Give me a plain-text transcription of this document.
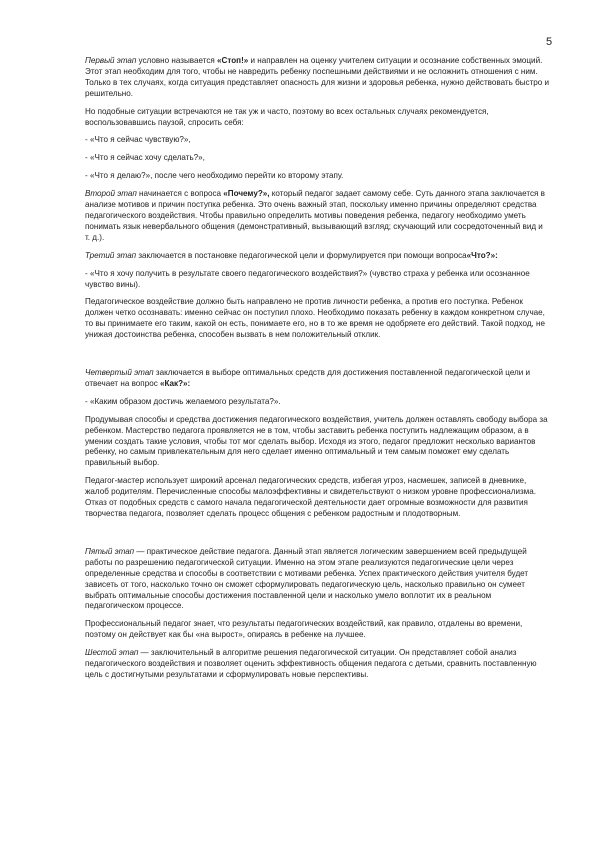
5

Первый этап условно называется «Стоп!» и направлен на оценку учителем ситуации и осознание собственных эмоций. Этот этап необходим для того, чтобы не навредить ребенку поспешными действиями и не осложнить отношения с ним. Только в тех случаях, когда ситуация представляет опасность для жизни и здоровья ребенка, нужно действовать быстро и решительно.

Но подобные ситуации встречаются не так уж и часто, поэтому во всех остальных случаях рекомендуется, воспользовавшись паузой, спросить себя:

- «Что я сейчас чувствую?»,

- «Что я сейчас хочу сделать?»,

- «Что я делаю?», после чего необходимо перейти ко второму этапу.

Второй этап начинается с вопроса «Почему?», который педагог задает самому себе. Суть данного этапа заключается в анализе мотивов и причин поступка ребенка. Это очень важный этап, поскольку именно причины определяют средства педагогического воздействия. Чтобы правильно определить мотивы поведения ребенка, педагогу необходимо уметь понимать язык невербального общения (демонстративный, вызывающий взгляд; скучающий или сосредоточенный вид и т. д.).

Третий этап заключается в постановке педагогической цели и формулируется при помощи вопроса«Что?»:

- «Что я хочу получить в результате своего педагогического воздействия?» (чувство страха у ребенка или осознанное чувство вины).

Педагогическое воздействие должно быть направлено не против личности ребенка, а против его поступка. Ребенок должен четко осознавать: именно сейчас он поступил плохо. Необходимо показать ребенку в каждом конкретном случае, то вы принимаете его таким, какой он есть, понимаете его, но в то же время не одобряете его действий. Такой подход, не унижая достоинства ребенка, способен вызвать в нем положительный отклик.

Четвертый этап заключается в выборе оптимальных средств для достижения поставленной педагогической цели и отвечает на вопрос «Как?»:

- «Каким образом достичь желаемого результата?».

Продумывая способы и средства достижения педагогического воздействия, учитель должен оставлять свободу выбора за ребенком. Мастерство педагога проявляется не в том, чтобы заставить ребенка поступить надлежащим образом, а в умении создать такие условия, чтобы тот мог сделать выбор. Исходя из этого, педагог предложит несколько вариантов ребенку, но самым привлекательным для него сделает именно оптимальный и тем самым поможет ему сделать правильный выбор.

Педагог-мастер использует широкий арсенал педагогических средств, избегая угроз, насмешек, записей в дневнике, жалоб родителям. Перечисленные способы малоэффективны и свидетельствуют о низком уровне профессионализма. Отказ от подобных средств с самого начала педагогической деятельности дает огромные возможности для развития творчества педагога, позволяет сделать процесс общения с ребенком радостным и плодотворным.

Пятый этап — практическое действие педагога. Данный этап является логическим завершением всей предыдущей работы по разрешению педагогической ситуации. Именно на этом этапе реализуются педагогические цели через определенные средства и способы в соответствии с мотивами ребенка. Успех практического действия учителя будет зависеть от того, насколько точно он сможет сформулировать педагогическую цель, насколько правильно он сумеет выбрать оптимальные способы достижения поставленной цели и насколько умело воплотит их в реальном педагогическом процессе.

Профессиональный педагог знает, что результаты педагогических воздействий, как правило, отдалены во времени, поэтому он действует как бы «на вырост», опираясь в ребенке на лучшее.

Шестой этап — заключительный в алгоритме решения педагогической ситуации. Он представляет собой анализ педагогического воздействия и позволяет оценить эффективность общения педагога с детьми, сравнить поставленную цель с достигнутыми результатами и сформулировать новые перспективы.
